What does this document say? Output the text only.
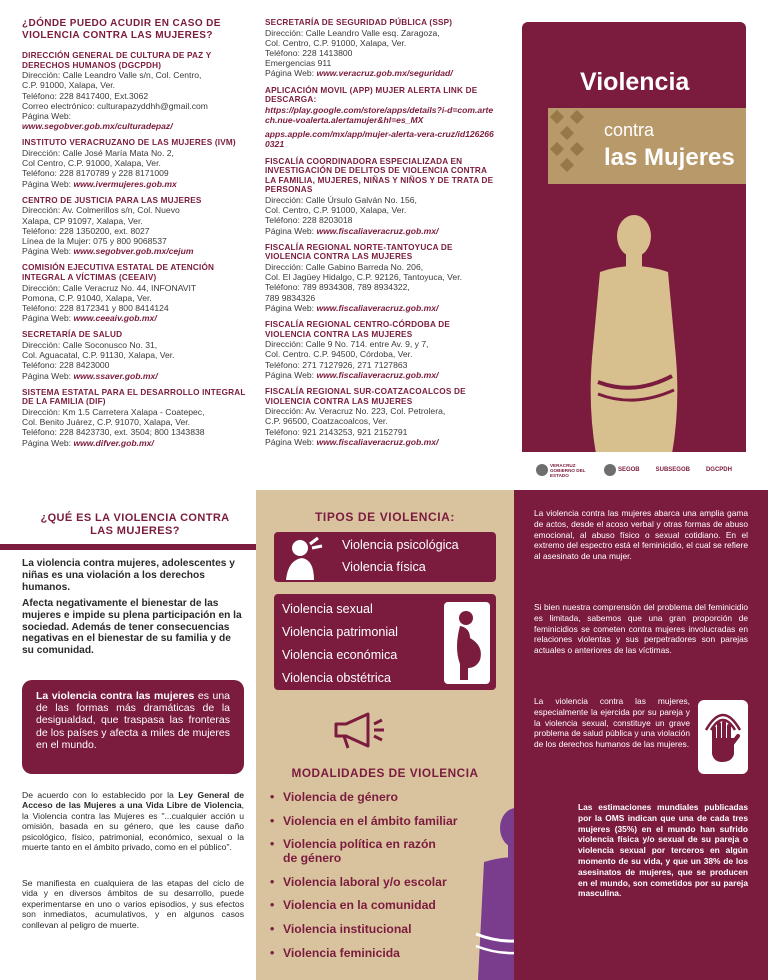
¿DÓNDE PUEDO ACUDIR EN CASO DE VIOLENCIA CONTRA LAS MUJERES?
DIRECCIÓN GENERAL DE CULTURA DE PAZ Y DERECHOS HUMANOS (DGCPDH)
Dirección: Calle Leandro Valle s/n, Col. Centro,
C.P. 91000, Xalapa, Ver.
Teléfono: 228 8417400, Ext.3062
Correo electrónico: culturapazyddhh@gmail.com
Página Web:
www.segobver.gob.mx/culturadepaz/
INSTITUTO VERACRUZANO DE LAS MUJERES (IVM)
Dirección: Calle José María Mata No. 2,
Col Centro, C.P. 91000, Xalapa, Ver.
Teléfono: 228 8170789 y 228 8171009
Página Web: www.ivermujeres.gob.mx
CENTRO DE JUSTICIA PARA LAS MUJERES
Dirección: Av. Colmerillos s/n, Col. Nuevo
Xalapa, CP 91097, Xalapa, Ver.
Teléfono: 228 1350200, ext. 8027
Línea de la Mujer: 075 y 800 9068537
Página Web: www.segobver.gob.mx/cejum
COMISIÓN EJECUTIVA ESTATAL DE ATENCIÓN INTEGRAL A VÍCTIMAS (CEEAIV)
Dirección: Calle Veracruz No. 44, INFONAVIT
Pomona, C.P. 91040, Xalapa, Ver.
Teléfono: 228 8172341 y 800 8414124
Página Web: www.ceeaiv.gob.mx/
SECRETARÍA DE SALUD
Dirección: Calle Soconusco No. 31,
Col. Aguacatal, C.P. 91130, Xalapa, Ver.
Teléfono: 228 8423000
Página Web: www.ssaver.gob.mx/
SISTEMA ESTATAL PARA EL DESARROLLO INTEGRAL DE LA FAMILIA (DIF)
Dirección: Km 1.5 Carretera Xalapa - Coatepec,
Col. Benito Juárez, C.P. 91070, Xalapa, Ver.
Teléfono: 228 8423730, ext. 3504; 800 1343838
Página Web: www.difver.gob.mx/
SECRETARÍA DE SEGURIDAD PÚBLICA (SSP)
Dirección: Calle Leandro Valle esq. Zaragoza,
Col. Centro, C.P. 91000, Xalapa, Ver.
Teléfono: 228 1413800
Emergencias 911
Página Web: www.veracruz.gob.mx/seguridad/
APLICACIÓN MOVIL (APP) MUJER ALERTA LINK DE DESCARGA:
https://play.google.com/store/apps/details?i-d=com.artech.nue-voalerta.alertamujer&hl=es_MX
apps.apple.com/mx/app/mujer-alerta-vera-cruz/id1262660321
FISCALÍA COORDINADORA ESPECIALIZADA EN INVESTIGACIÓN DE DELITOS DE VIOLENCIA CONTRA LA FAMILIA, MUJERES, NIÑAS Y NIÑOS Y DE TRATA DE PERSONAS
Dirección: Calle Úrsulo Galván No. 156,
Col. Centro, C.P. 91000, Xalapa, Ver.
Teléfono: 228 8203018
Página Web: www.fiscaliaveracruz.gob.mx/
FISCALÍA REGIONAL NORTE-TANTOYUCA DE VIOLENCIA CONTRA LAS MUJERES
Dirección: Calle Gabino Barreda No. 206,
Col. El Jagüey Hidalgo, C.P. 92126, Tantoyuca, Ver.
Teléfono: 789 8934308, 789 8934322,
789 9834326
Página Web: www.fiscaliaveracruz.gob.mx/
FISCALÍA REGIONAL CENTRO-CÓRDOBA DE VIOLENCIA CONTRA LAS MUJERES
Dirección: Calle 9 No. 714. entre Av. 9, y 7,
Col. Centro. C.P. 94500, Córdoba, Ver.
Teléfono: 271 7127926, 271 7127863
Página Web: www.fiscaliaveracruz.gob.mx/
FISCALÍA REGIONAL SUR-COATZACOALCOS DE VIOLENCIA CONTRA LAS MUJERES
Dirección: Av. Veracruz No. 223, Col. Petrolera,
C.P. 96500, Coatzacoalcos, Ver.
Teléfono: 921 2143253, 921 2152791
Página Web: www.fiscaliaveracruz.gob.mx/
Violencia
contra
las Mujeres
VERACRUZ GOBIERNO DEL ESTADO
SEGOB	SUBSEGOB	DGCPDH
¿QUÉ ES LA VIOLENCIA CONTRA LAS MUJERES?
La violencia contra mujeres, adolescentes y niñas es una violación a los derechos humanos.
Afecta negativamente el bienestar de las mujeres e impide su plena participación en la sociedad. Además de tener consecuencias negativas en el bienestar de su familia y de su comunidad.
La violencia contra las mujeres es una de las formas más dramáticas de la desigualdad, que traspasa las fronteras de los países y afecta a miles de mujeres en el mundo.
De acuerdo con lo establecido por la Ley General de Acceso de las Mujeres a una Vida Libre de Violencia, la Violencia contra las Mujeres es "...cualquier acción u omisión, basada en su género, que les cause daño psicológico, físico, patrimonial, económico, sexual o la muerte tanto en el ámbito privado, como en el público".
Se manifiesta en cualquiera de las etapas del ciclo de vida y en diversos ámbitos de su desarrollo, puede experimentarse en uno o varios episodios, y sus efectos son inmediatos, acumulativos, y en algunos casos conllevan al peligro de muerte.
TIPOS DE VIOLENCIA:
Violencia psicológica
Violencia física
Violencia sexual
Violencia patrimonial
Violencia económica
Violencia obstétrica
MODALIDADES DE VIOLENCIA
• Violencia de género
• Violencia en el ámbito familiar
• Violencia política en razón de género
• Violencia laboral y/o escolar
• Violencia en la comunidad
• Violencia institucional
• Violencia feminicida
La violencia contra las mujeres abarca una amplia gama de actos, desde el acoso verbal y otras formas de abuso emocional, al abuso físico o sexual cotidiano. En el extremo del espectro está el feminicidio, el cual se refiere al asesinato de una mujer.
Si bien nuestra comprensión del problema del feminicidio es limitada, sabemos que una gran proporción de feminicidios se cometen contra mujeres involucradas en relaciones violentas y sus perpetradores son parejas actuales o anteriores de las víctimas.
La violencia contra las mujeres, especialmente la ejercida por su pareja y la violencia sexual, constituye un grave problema de salud pública y una violación de los derechos humanos de las mujeres.
Las estimaciones mundiales publicadas por la OMS indican que una de cada tres mujeres (35%) en el mundo han sufrido violencia física y/o sexual de su pareja o violencia sexual por terceros en algún momento de su vida, y que un 38% de los asesinatos de mujeres, que se producen en el mundo, son cometidos por su pareja masculina.
